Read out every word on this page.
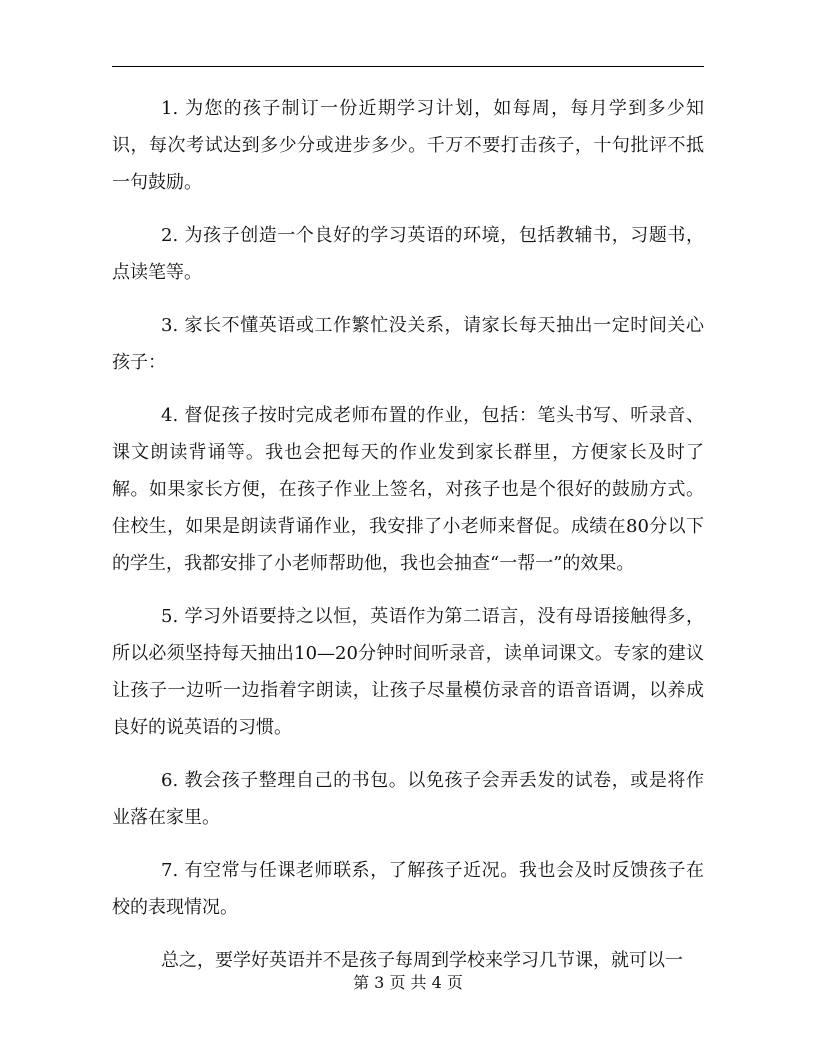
1. 为您的孩子制订一份近期学习计划，如每周，每月学到多少知识，每次考试达到多少分或进步多少。千万不要打击孩子，十句批评不抵一句鼓励。

2. 为孩子创造一个良好的学习英语的环境，包括教辅书，习题书，点读笔等。

3. 家长不懂英语或工作繁忙没关系，请家长每天抽出一定时间关心孩子：

4. 督促孩子按时完成老师布置的作业，包括：笔头书写、听录音、课文朗读背诵等。我也会把每天的作业发到家长群里，方便家长及时了解。如果家长方便，在孩子作业上签名，对孩子也是个很好的鼓励方式。住校生，如果是朗读背诵作业，我安排了小老师来督促。成绩在80分以下的学生，我都安排了小老师帮助他，我也会抽查“一帮一”的效果。

5. 学习外语要持之以恒，英语作为第二语言，没有母语接触得多，所以必须坚持每天抽出10—20分钟时间听录音，读单词课文。专家的建议让孩子一边听一边指着字朗读，让孩子尽量模仿录音的语音语调，以养成良好的说英语的习惯。

6. 教会孩子整理自己的书包。以免孩子会弄丢发的试卷，或是将作业落在家里。

7. 有空常与任课老师联系，了解孩子近况。我也会及时反馈孩子在校的表现情况。

总之，要学好英语并不是孩子每周到学校来学习几节课，就可以一

第 3 页 共 4 页
